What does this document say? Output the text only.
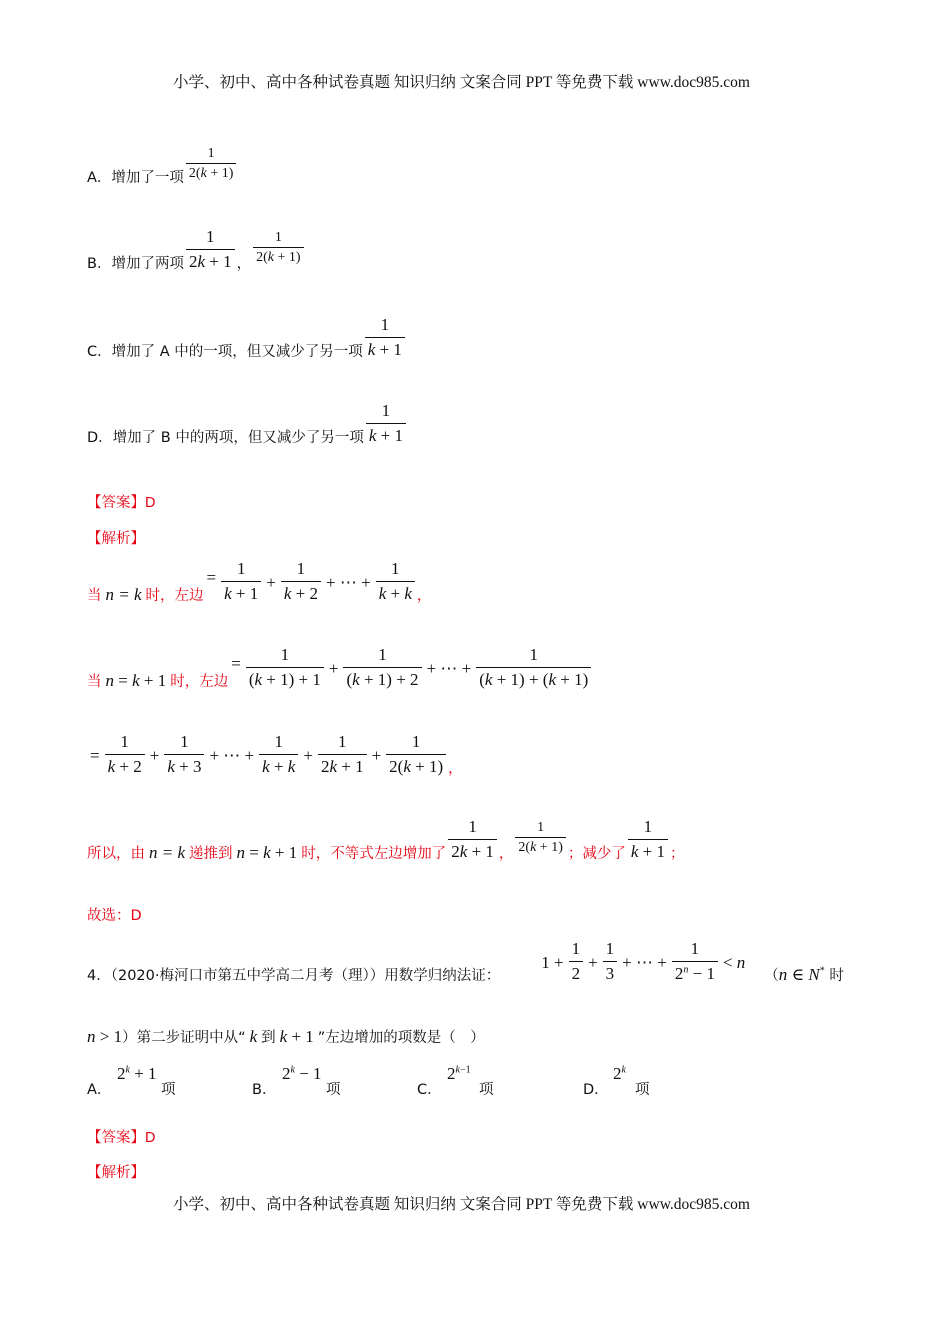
小学、初中、高中各种试卷真题 知识归纳 文案合同 PPT 等免费下载 www.doc985.com
A．增加了一项 $\frac{1}{2(k + 1)}$
B．增加了两项 $\frac{1}{2k + 1}$ ， $\frac{1}{2(k + 1)}$
C．增加了 A 中的一项，但又减少了另一项 $\frac{1}{k + 1}$
D．增加了 B 中的两项，但又减少了另一项 $\frac{1}{k + 1}$
【答案】D
【解析】
当 n = k 时，左边
= $\frac{1}{k + 1} + \frac{1}{k + 2}$ + ⋯ + $\frac{1}{k + k}$ ，
当 n = k + 1 时，左边
= $\frac{1}{(k + 1) + 1} + \frac{1}{(k + 1) + 2}$ + ⋯ + $\frac{1}{(k + 1) + (k + 1)}$
= $\frac{1}{k + 2} + \frac{1}{k + 3}$ + ⋯ + $\frac{1}{k + k} + \frac{1}{2k + 1} + \frac{1}{2(k + 1)}$ ，
所以，由 n = k 递推到 n = k + 1 时，不等式左边增加了 $\frac{1}{2k + 1}$ ， $\frac{1}{2(k + 1)}$ ；减少了 $\frac{1}{k + 1}$ ；
故选：D
4．（2020·梅河口市第五中学高二月考（理））用数学归纳法证：
$1 + \frac{1}{2} + \frac{1}{3}$ + ⋯ + $\frac{1}{2^n - 1} < n$
（ n ∈ N* 时
n > 1 ）第二步证明中从“ k 到 k + 1 ”左边增加的项数是（　）
A．
$2^k + 1$
项	B．
$2^k - 1$
项	C．
$2^{k-1}$
项	D．
2$^k$
项
【答案】D
【解析】
小学、初中、高中各种试卷真题 知识归纳 文案合同 PPT 等免费下载 www.doc985.com
